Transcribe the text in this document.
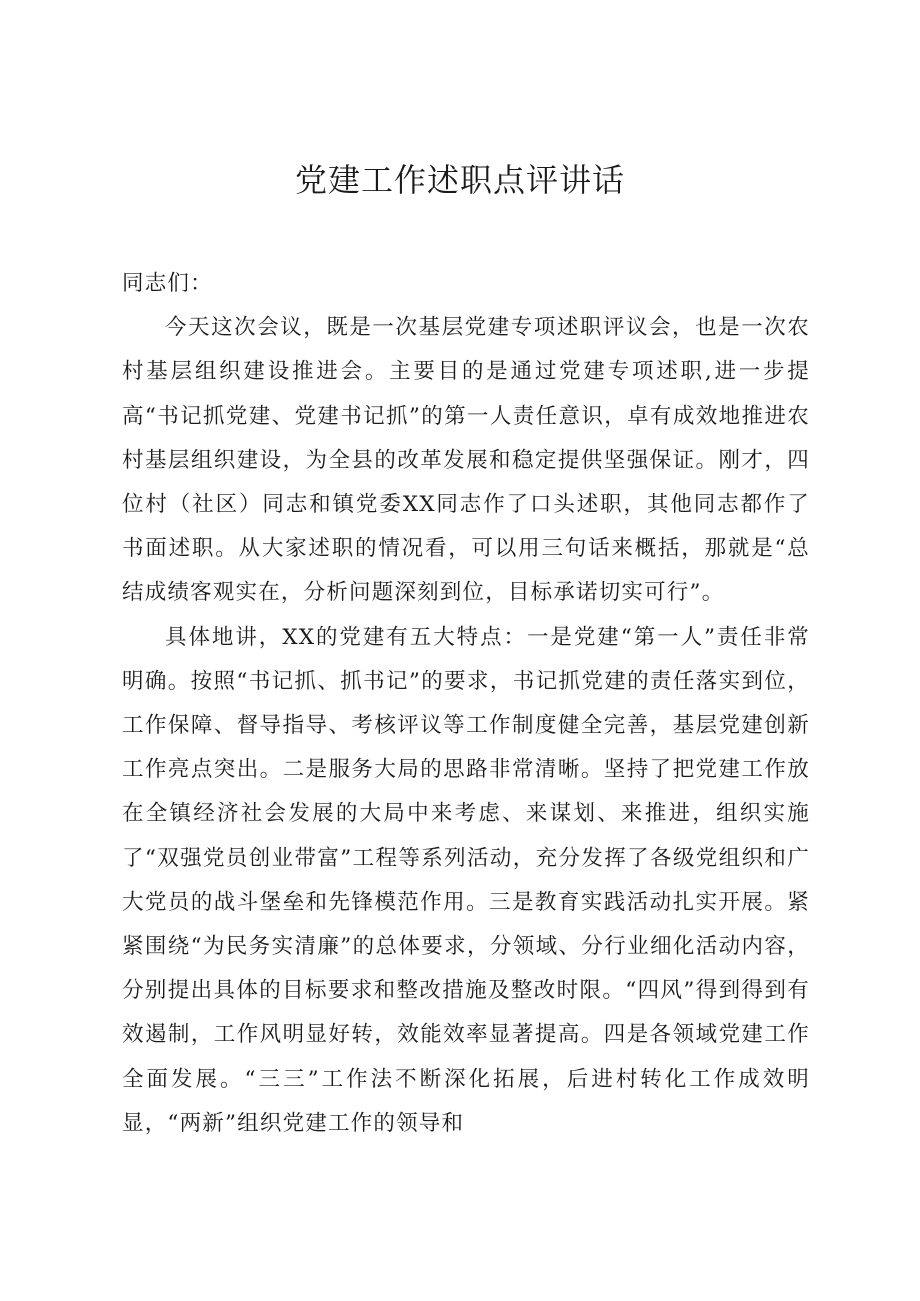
党建工作述职点评讲话

同志们：

今天这次会议，既是一次基层党建专项述职评议会，也是一次农村基层组织建设推进会。主要目的是通过党建专项述职,进一步提高“书记抓党建、党建书记抓”的第一人责任意识，卓有成效地推进农村基层组织建设，为全县的改革发展和稳定提供坚强保证。刚才，四位村（社区）同志和镇党委XX同志作了口头述职，其他同志都作了书面述职。从大家述职的情况看，可以用三句话来概括，那就是“总结成绩客观实在，分析问题深刻到位，目标承诺切实可行”。

具体地讲，XX的党建有五大特点：一是党建“第一人”责任非常明确。按照“书记抓、抓书记”的要求，书记抓党建的责任落实到位，工作保障、督导指导、考核评议等工作制度健全完善，基层党建创新工作亮点突出。二是服务大局的思路非常清晰。坚持了把党建工作放在全镇经济社会发展的大局中来考虑、来谋划、来推进，组织实施了“双强党员创业带富”工程等系列活动，充分发挥了各级党组织和广大党员的战斗堡垒和先锋模范作用。三是教育实践活动扎实开展。紧紧围绕“为民务实清廉”的总体要求，分领域、分行业细化活动内容，分别提出具体的目标要求和整改措施及整改时限。“四风”得到得到有效遏制，工作风明显好转，效能效率显著提高。四是各领域党建工作全面发展。“三三”工作法不断深化拓展，后进村转化工作成效明显，“两新”组织党建工作的领导和
